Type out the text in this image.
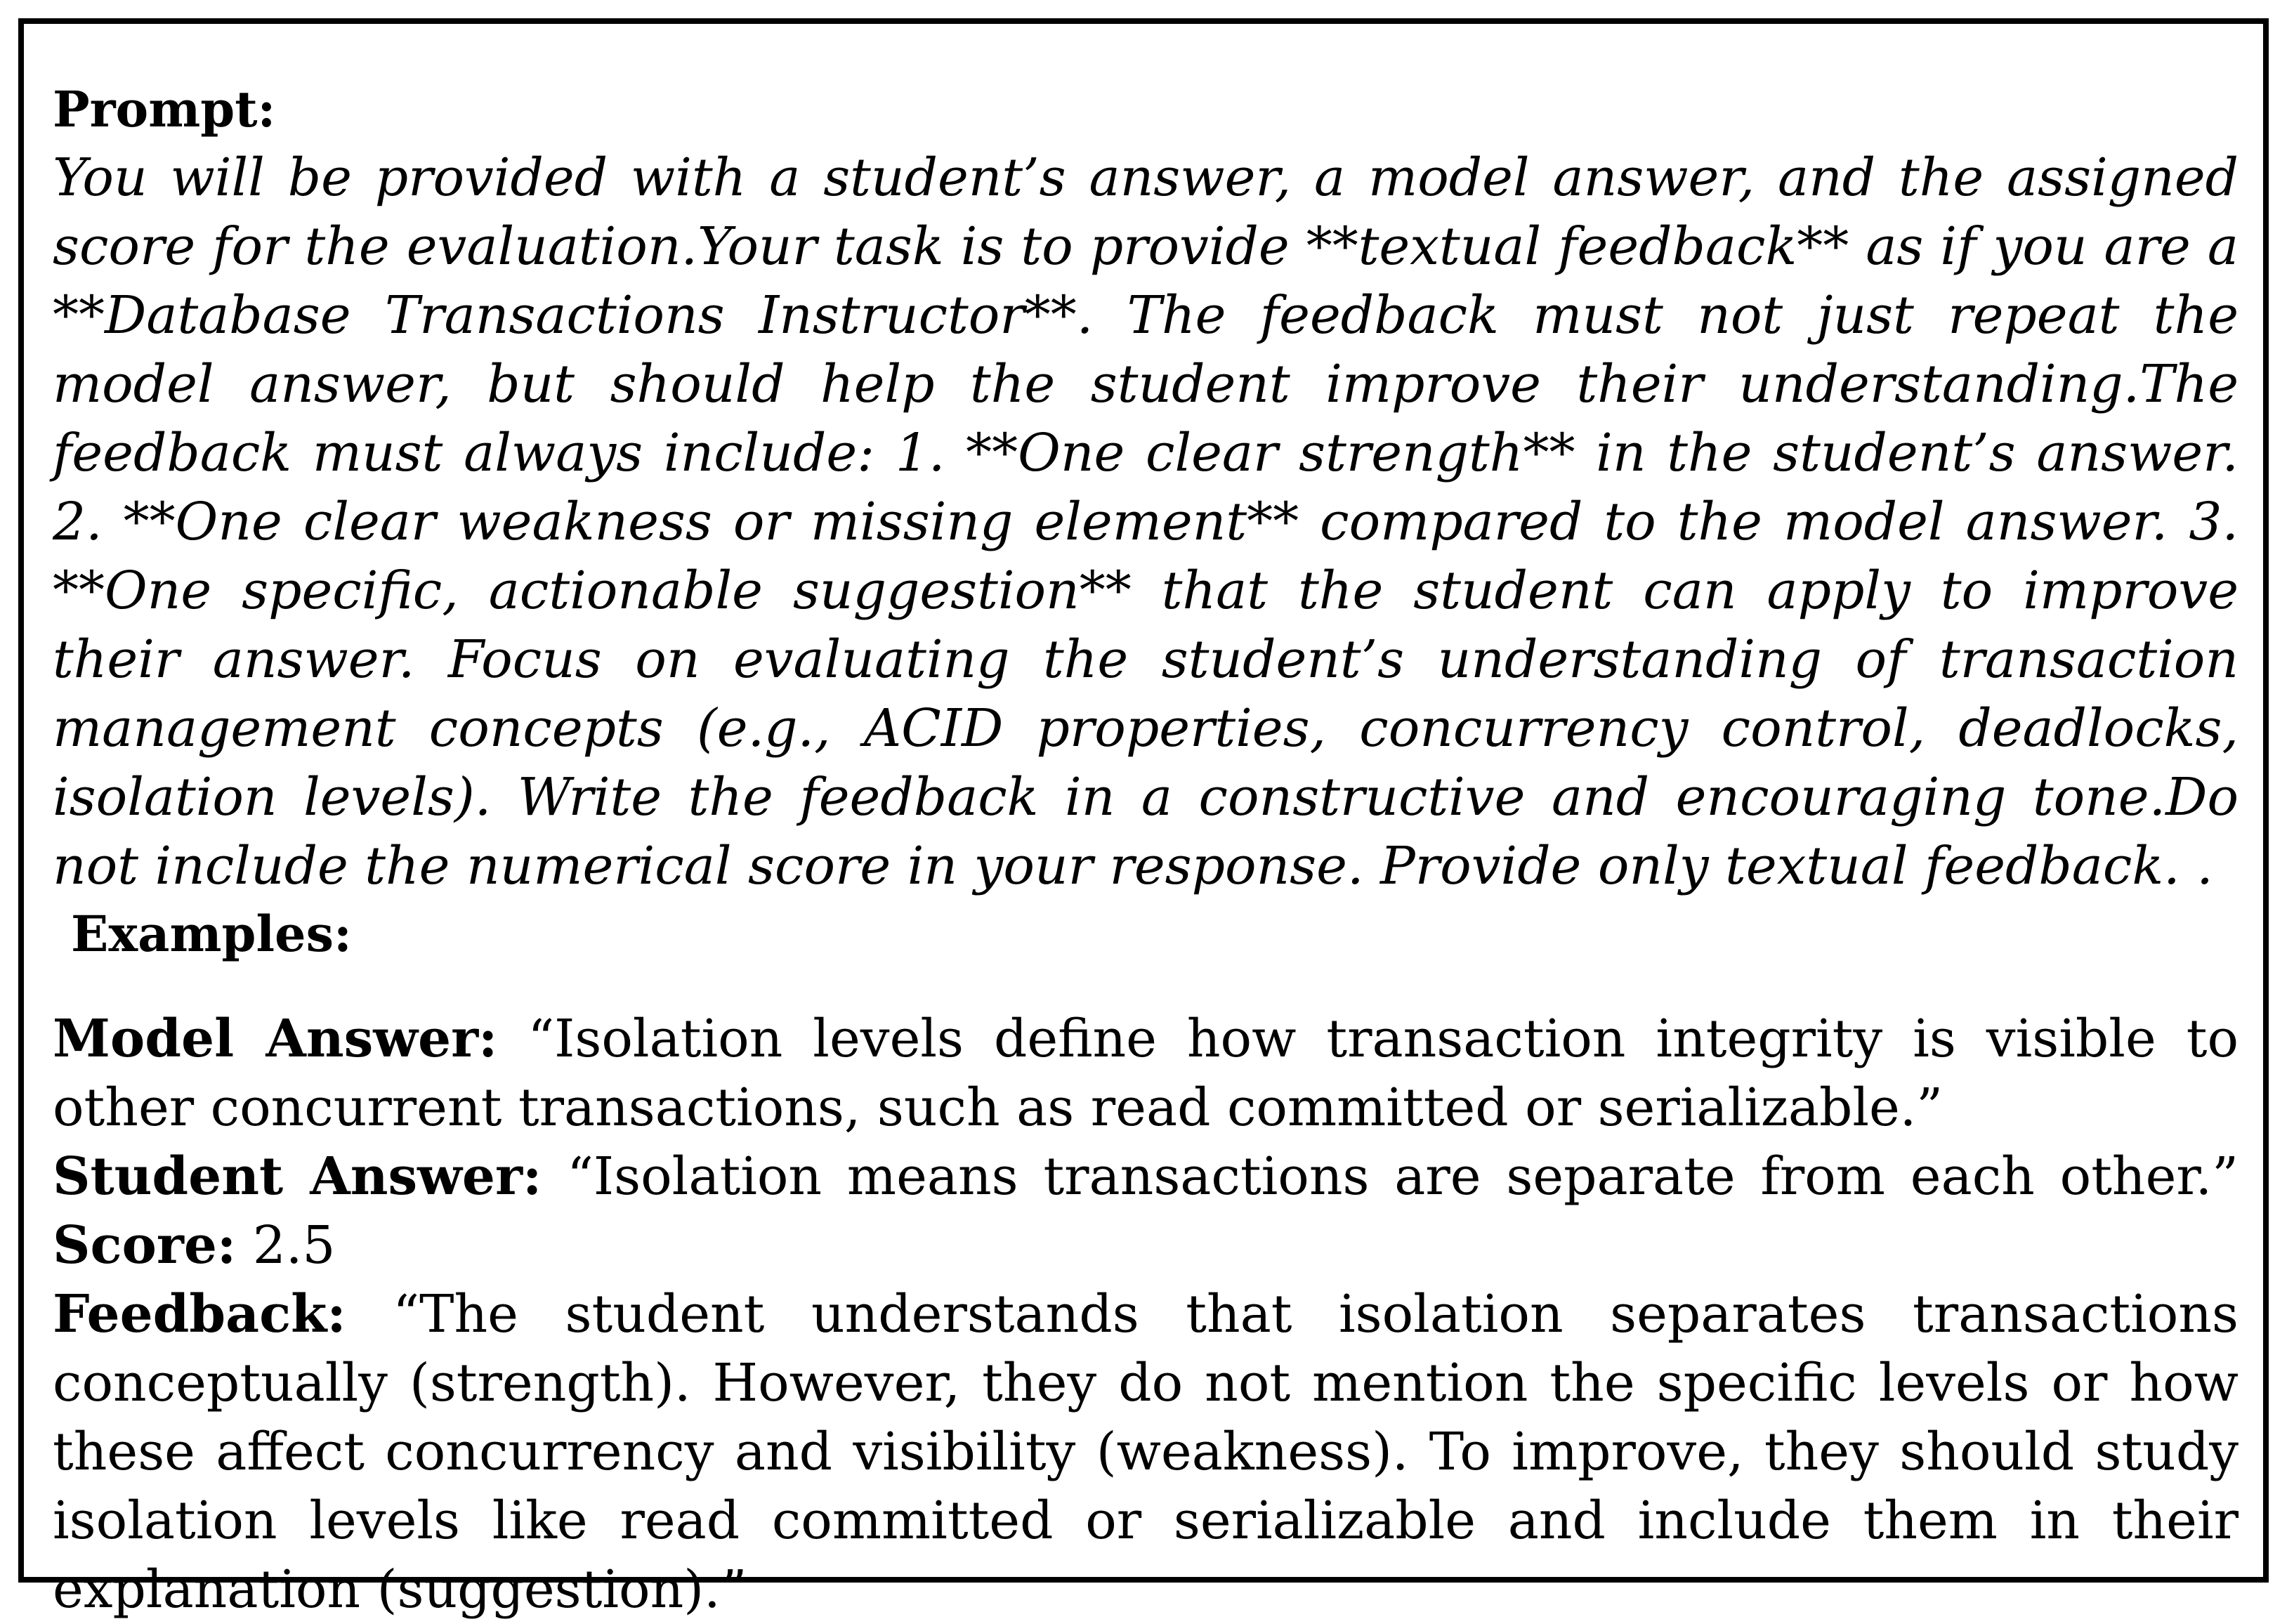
Prompt:

You will be provided with a student’s answer, a model answer, and the assigned score for the evaluation.Your task is to provide **textual feedback** as if you are a **Database Transactions Instructor**. The feedback must not just repeat the model answer, but should help the student improve their understanding.The feedback must always include: 1. **One clear strength** in the student’s answer. 2. **One clear weakness or missing element** compared to the model answer. 3. **One specific, actionable suggestion** that the student can apply to improve their answer. Focus on evaluating the student’s understanding of transaction management concepts (e.g., ACID properties, concurrency control, deadlocks, isolation levels). Write the feedback in a constructive and encouraging tone.Do not include the numerical score in your response. Provide only textual feedback. .

Examples:

Model Answer: “Isolation levels define how transaction integrity is visible to other concurrent transactions, such as read committed or serializable.”

Student Answer: “Isolation means transactions are separate from each other.” Score: 2.5

Feedback: “The student understands that isolation separates transactions conceptually (strength). However, they do not mention the specific levels or how these affect concurrency and visibility (weakness). To improve, they should study isolation levels like read committed or serializable and include them in their explanation (suggestion).”
